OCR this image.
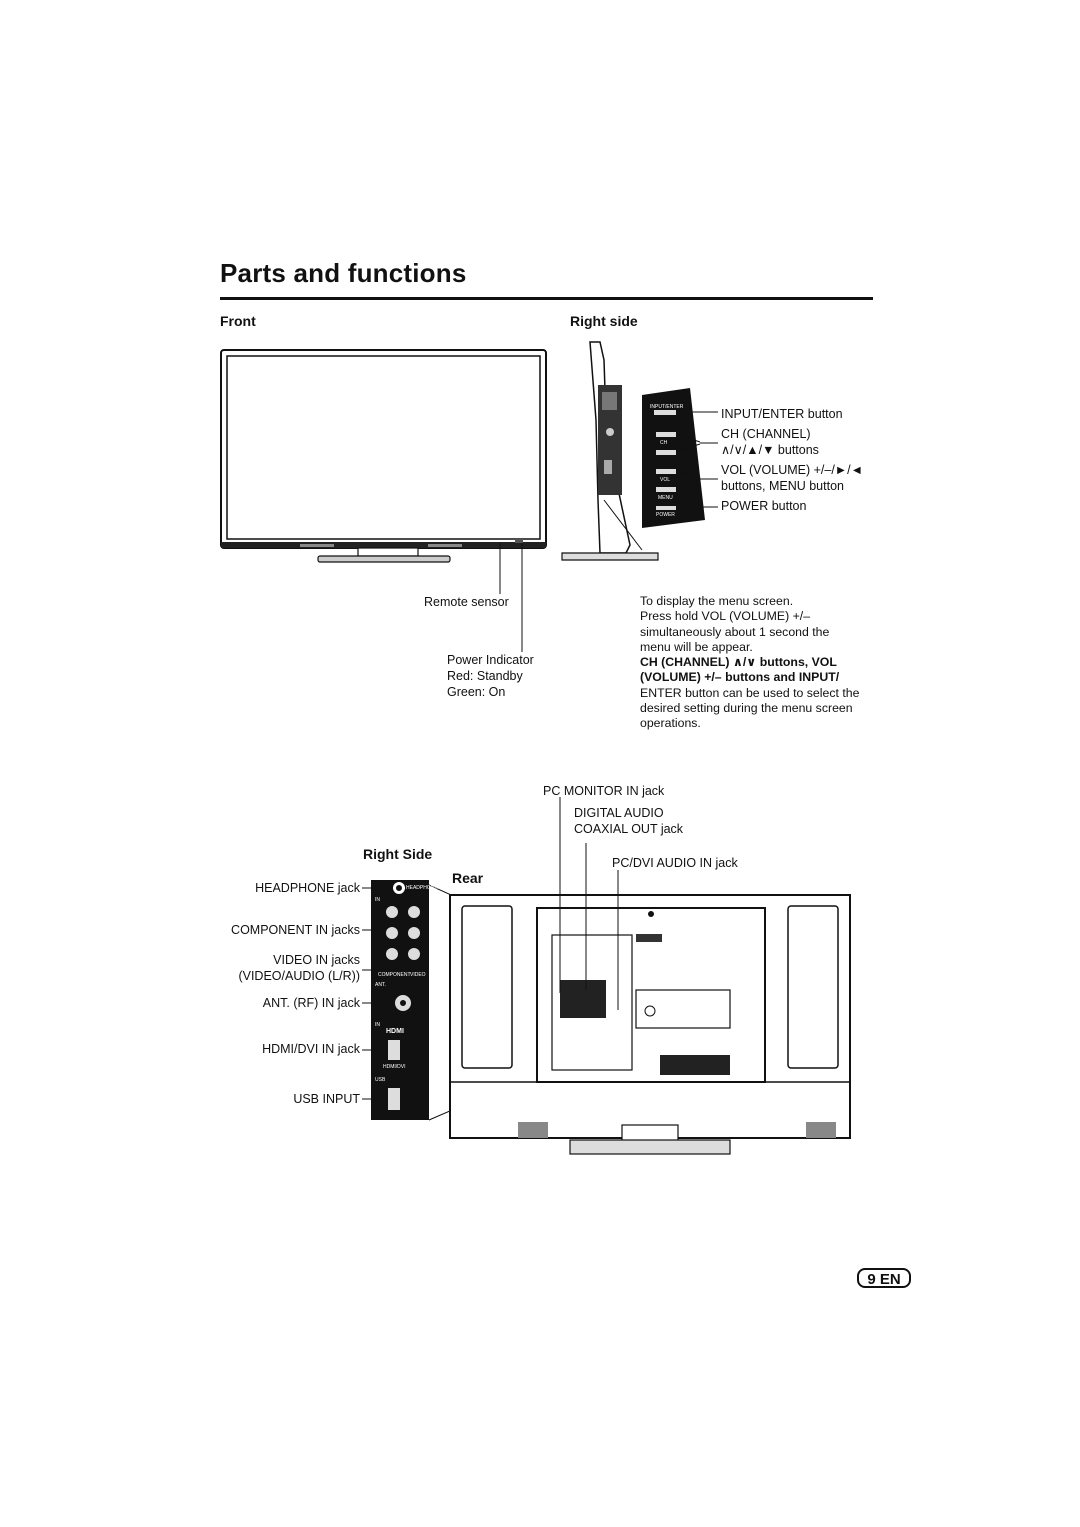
Parts and functions
Front	Right side
Remote sensor
Power Indicator
Red: Standby
Green: On
INPUT/ENTER
CH
VOL
MENU
POWER
INPUT/ENTER button
CH (CHANNEL)
∧/∨/▲/▼ buttons
VOL (VOLUME) +/–/►/◄
buttons, MENU button
POWER button
To display the menu screen.
Press hold VOL (VOLUME) +/–
simultaneously about 1 second the
menu will be appear.
CH (CHANNEL) ∧/∨ buttons, VOL
(VOLUME) +/– buttons and INPUT/
ENTER button can be used to select the
desired setting during the menu screen
operations.
PC MONITOR IN jack
DIGITAL AUDIO
COAXIAL OUT jack
PC/DVI AUDIO IN jack
Right Side
Rear
HEADPHONE jack
COMPONENT IN jacks
VIDEO IN jacks
(VIDEO/AUDIO (L/R))
ANT. (RF) IN jack
HDMI/DVI IN jack
USB INPUT
HEADPHONE
IN
COMPONENT VIDEO
ANT.
IN
HDMI
HDMI/DVI
USB
9 EN
